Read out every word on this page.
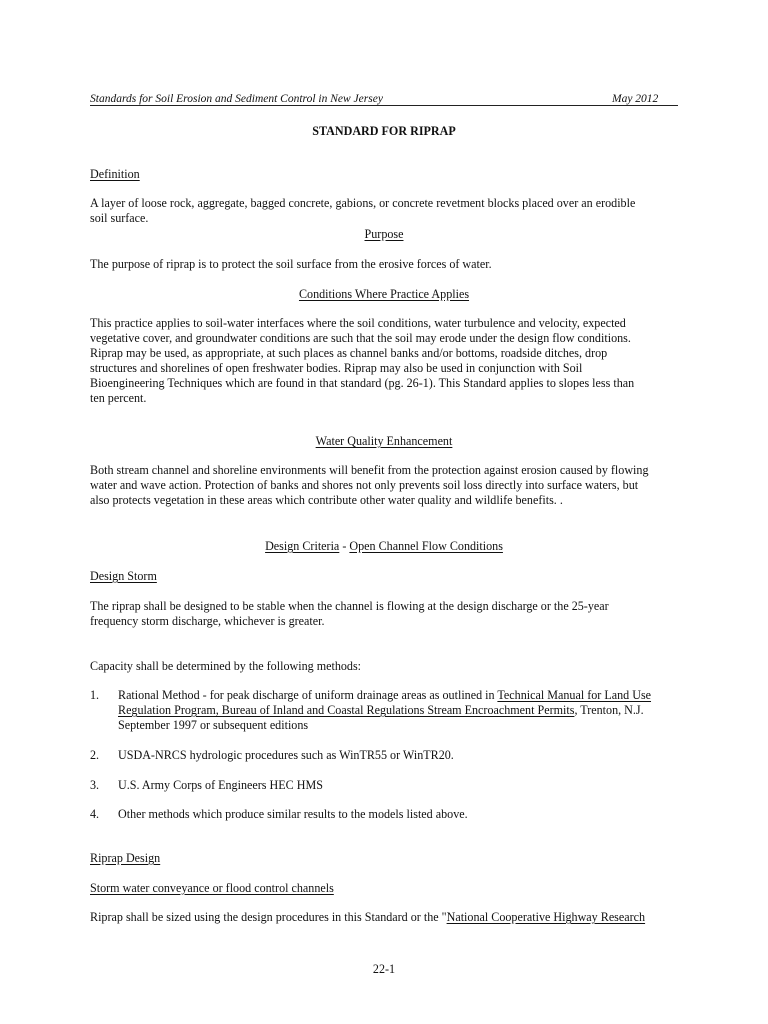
Standards for Soil Erosion and Sediment Control in New Jersey	May 2012
STANDARD FOR RIPRAP
Definition
A layer of loose rock, aggregate, bagged concrete, gabions, or concrete revetment blocks placed over an erodible
soil surface.
Purpose
The purpose of riprap is to protect the soil surface from the erosive forces of water.
Conditions Where Practice Applies
This practice applies to soil-water interfaces where the soil conditions, water turbulence and velocity, expected
vegetative cover, and groundwater conditions are such that the soil may erode under the design flow conditions.
Riprap may be used, as appropriate, at such places as channel banks and/or bottoms, roadside ditches, drop
structures and shorelines of open freshwater bodies. Riprap may also be used in conjunction with Soil
Bioengineering Techniques which are found in that standard (pg. 26-1). This Standard applies to slopes less than
ten percent.
Water Quality Enhancement
Both stream channel and shoreline environments will benefit from the protection against erosion caused by flowing
water and wave action. Protection of banks and shores not only prevents soil loss directly into surface waters, but
also protects vegetation in these areas which contribute other water quality and wildlife benefits. .
Design Criteria - Open Channel Flow Conditions
Design Storm
The riprap shall be designed to be stable when the channel is flowing at the design discharge or the 25-year
frequency storm discharge, whichever is greater.
Capacity shall be determined by the following methods:
1. Rational Method - for peak discharge of uniform drainage areas as outlined in Technical Manual for Land Use
Regulation Program, Bureau of Inland and Coastal Regulations Stream Encroachment Permits, Trenton, N.J.
September 1997 or subsequent editions
2. USDA-NRCS hydrologic procedures such as WinTR55 or WinTR20.
3. U.S. Army Corps of Engineers HEC HMS
4. Other methods which produce similar results to the models listed above.
Riprap Design
Storm water conveyance or flood control channels
Riprap shall be sized using the design procedures in this Standard or the "National Cooperative Highway Research
22-1
